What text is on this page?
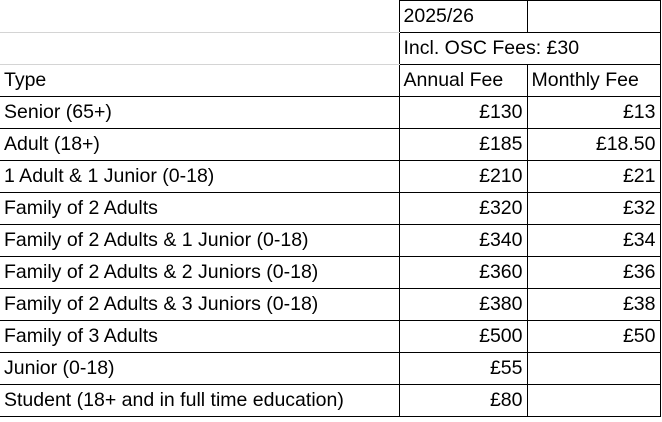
	2025/26	
	Incl. OSC Fees: £30	
Type	Annual Fee	Monthly Fee
Senior (65+)	£130	£13
Adult (18+)	£185	£18.50
1 Adult & 1 Junior (0-18)	£210	£21
Family of 2 Adults	£320	£32
Family of 2 Adults & 1 Junior (0-18)	£340	£34
Family of 2 Adults & 2 Juniors (0-18)	£360	£36
Family of 2 Adults & 3 Juniors (0-18)	£380	£38
Family of 3 Adults	£500	£50
Junior (0-18)	£55	
Student (18+ and in full time education)	£80	
